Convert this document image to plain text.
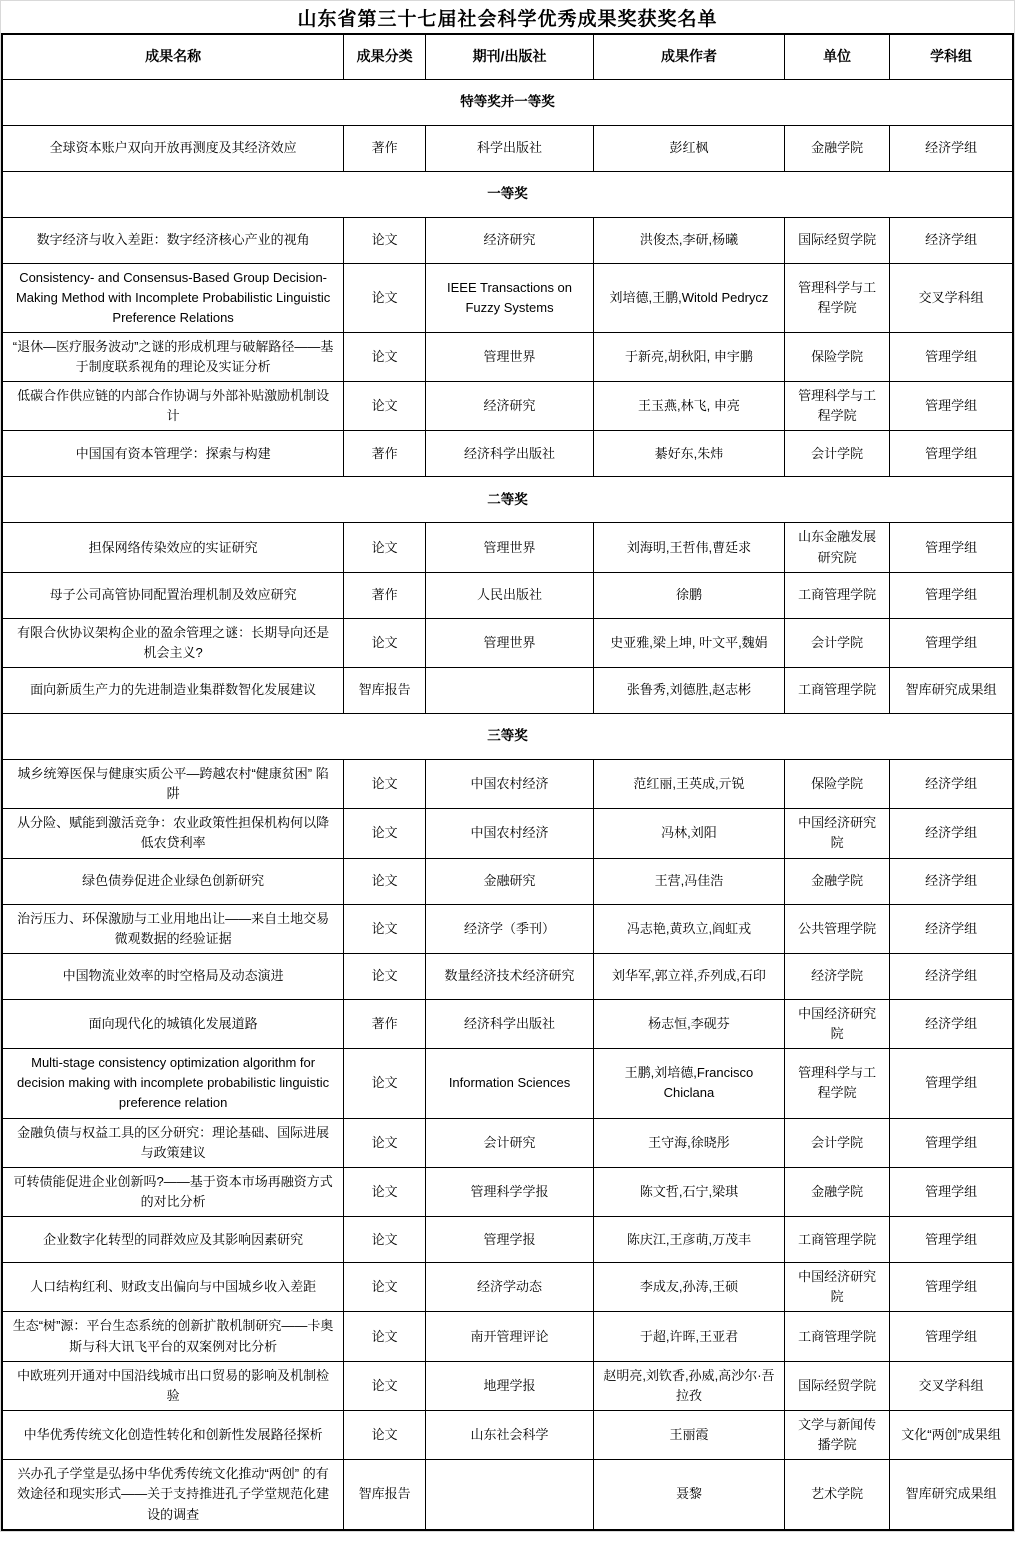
山东省第三十七届社会科学优秀成果奖获奖名单
成果名称	成果分类	期刊/出版社	成果作者	单位	学科组
特等奖并一等奖					
全球资本账户双向开放再测度及其经济效应	著作	科学出版社	彭红枫	金融学院	经济学组
一等奖					
数字经济与收入差距：数字经济核心产业的视角	论文	经济研究	洪俊杰,李研,杨曦	国际经贸学院	经济学组
Consistency- and Consensus-Based Group Decision-Making Method with Incomplete Probabilistic Linguistic Preference Relations	论文	IEEE Transactions on Fuzzy Systems	刘培德,王鹏,Witold Pedrycz	管理科学与工程学院	交叉学科组
“退休—医疗服务波动”之谜的形成机理与破解路径——基于制度联系视角的理论及实证分析	论文	管理世界	于新亮,胡秋阳, 申宇鹏	保险学院	管理学组
低碳合作供应链的内部合作协调与外部补贴激励机制设计	论文	经济研究	王玉燕,林飞, 申亮	管理科学与工程学院	管理学组
中国国有资本管理学：探索与构建	著作	经济科学出版社	綦好东,朱炜	会计学院	管理学组
二等奖					
担保网络传染效应的实证研究	论文	管理世界	刘海明,王哲伟,曹廷求	山东金融发展研究院	管理学组
母子公司高管协同配置治理机制及效应研究	著作	人民出版社	徐鹏	工商管理学院	管理学组
有限合伙协议架构企业的盈余管理之谜：长期导向还是机会主义?	论文	管理世界	史亚雅,梁上坤, 叶文平,魏娟	会计学院	管理学组
面向新质生产力的先进制造业集群数智化发展建议	智库报告		张鲁秀,刘德胜,赵志彬	工商管理学院	智库研究成果组
三等奖					
城乡统筹医保与健康实质公平—跨越农村“健康贫困” 陷阱	论文	中国农村经济	范红丽,王英成,亓锐	保险学院	经济学组
从分险、赋能到激活竞争：农业政策性担保机构何以降低农贷利率	论文	中国农村经济	冯林,刘阳	中国经济研究院	经济学组
绿色债券促进企业绿色创新研究	论文	金融研究	王营,冯佳浩	金融学院	经济学组
治污压力、环保激励与工业用地出让——来自土地交易微观数据的经验证据	论文	经济学（季刊）	冯志艳,黄玖立,阎虹戎	公共管理学院	经济学组
中国物流业效率的时空格局及动态演进	论文	数量经济技术经济研究	刘华军,郭立祥,乔列成,石印	经济学院	经济学组
面向现代化的城镇化发展道路	著作	经济科学出版社	杨志恒,李砚芬	中国经济研究院	经济学组
Multi-stage consistency optimization algorithm for decision making with incomplete probabilistic linguistic preference relation	论文	Information Sciences	王鹏,刘培德,Francisco Chiclana	管理科学与工程学院	管理学组
金融负债与权益工具的区分研究：理论基础、国际进展与政策建议	论文	会计研究	王守海,徐晓彤	会计学院	管理学组
可转债能促进企业创新吗?——基于资本市场再融资方式的对比分析	论文	管理科学学报	陈文哲,石宁,梁琪	金融学院	管理学组
企业数字化转型的同群效应及其影响因素研究	论文	管理学报	陈庆江,王彦萌,万茂丰	工商管理学院	管理学组
人口结构红利、财政支出偏向与中国城乡收入差距	论文	经济学动态	李成友,孙涛,王硕	中国经济研究院	管理学组
生态“树”源：平台生态系统的创新扩散机制研究——卡奥斯与科大讯飞平台的双案例对比分析	论文	南开管理评论	于超,许晖,王亚君	工商管理学院	管理学组
中欧班列开通对中国沿线城市出口贸易的影响及机制检验	论文	地理学报	赵明亮,刘钦香,孙威,高沙尔·吾拉孜	国际经贸学院	交叉学科组
中华优秀传统文化创造性转化和创新性发展路径探析	论文	山东社会科学	王丽霞	文学与新闻传播学院	文化“两创”成果组
兴办孔子学堂是弘扬中华优秀传统文化推动“两创” 的有效途径和现实形式——关于支持推进孔子学堂规范化建设的调查	智库报告		聂黎	艺术学院	智库研究成果组
